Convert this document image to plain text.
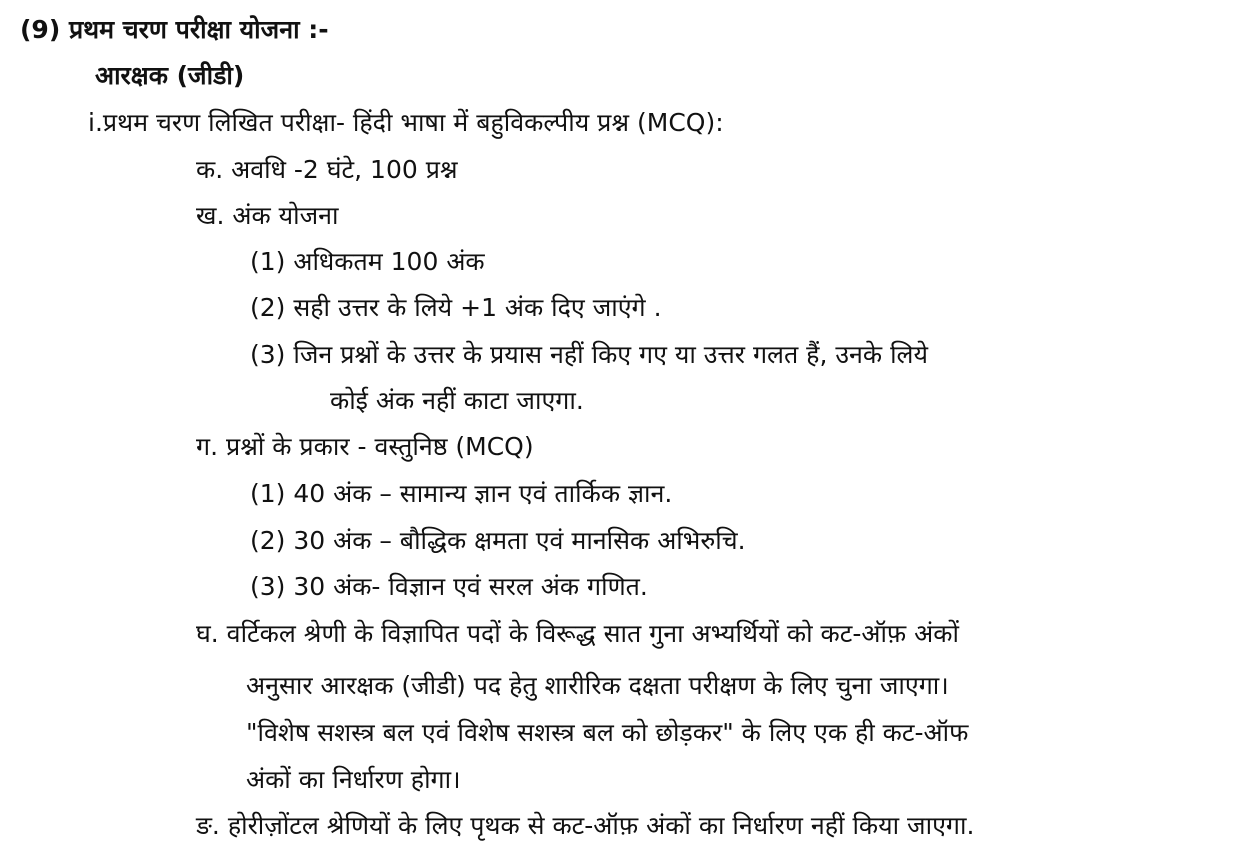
(9) प्रथम चरण परीक्षा योजना :-
आरक्षक (जीडी)
i.प्रथम चरण लिखित परीक्षा- हिंदी भाषा में बहुविकल्पीय प्रश्न (MCQ):
क. अवधि -2 घंटे, 100 प्रश्न
ख. अंक योजना
(1) अधिकतम 100 अंक
(2) सही उत्तर के लिये +1 अंक दिए जाएंगे .
(3) जिन प्रश्नों के उत्तर के प्रयास नहीं किए गए या उत्तर गलत हैं, उनके लिये
कोई अंक नहीं काटा जाएगा.
ग. प्रश्नों के प्रकार - वस्तुनिष्ठ (MCQ)
(1) 40 अंक – सामान्य ज्ञान एवं तार्किक ज्ञान.
(2) 30 अंक – बौद्धिक क्षमता एवं मानसिक अभिरुचि.
(3) 30 अंक- विज्ञान एवं सरल अंक गणित.
घ. वर्टिकल श्रेणी के विज्ञापित पदों के विरूद्ध सात गुना अभ्यर्थियों को कट-ऑफ़ अंकों
अनुसार आरक्षक (जीडी) पद हेतु शारीरिक दक्षता परीक्षण के लिए चुना जाएगा।
"विशेष सशस्त्र बल एवं विशेष सशस्त्र बल को छोड़कर" के लिए एक ही कट-ऑफ
अंकों का निर्धारण होगा।
ङ. होरीज़ोंटल श्रेणियों के लिए पृथक से कट-ऑफ़ अंकों का निर्धारण नहीं किया जाएगा.
